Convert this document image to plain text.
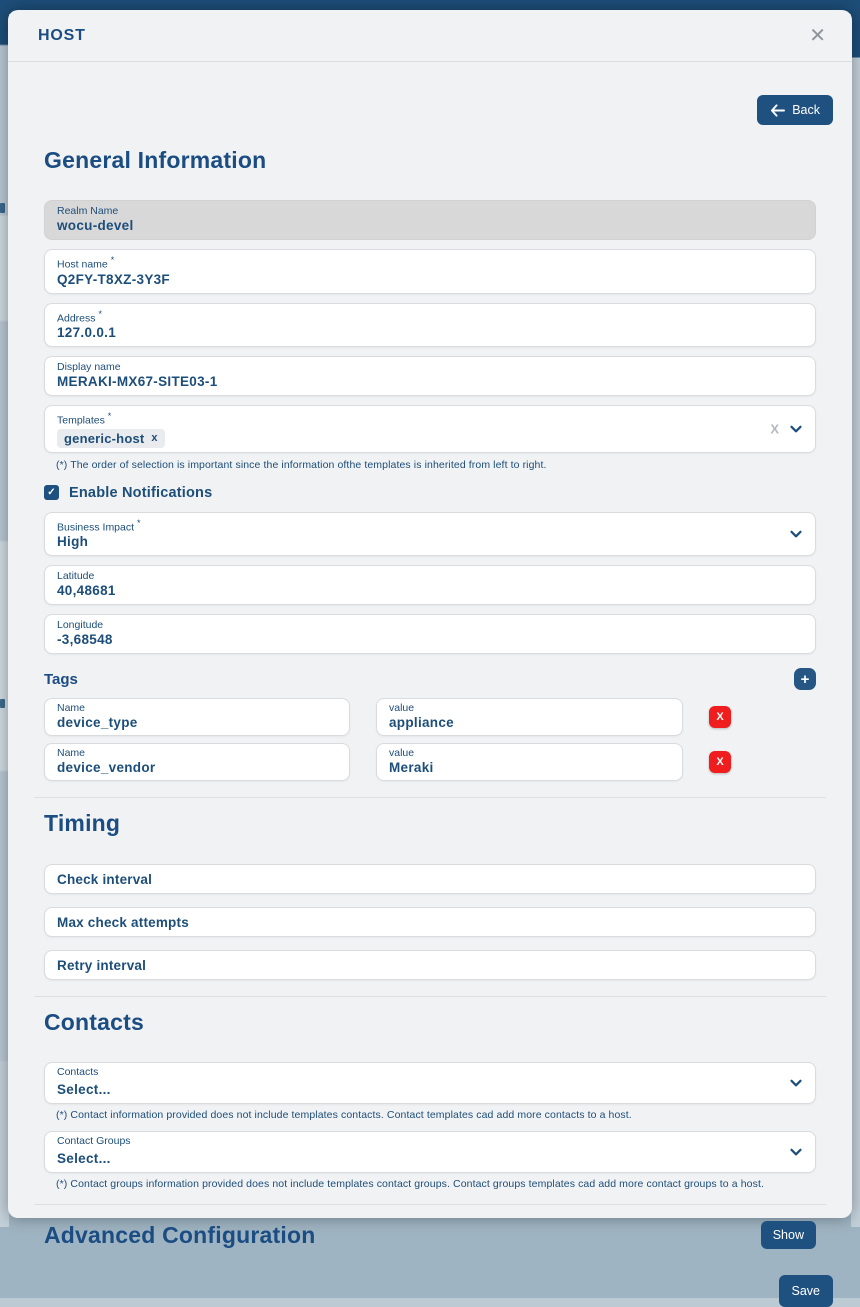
HOST	✕
Back
General Information
Realm Name
wocu-devel
Host name *
Q2FY-T8XZ-3Y3F
Address *
127.0.0.1
Display name
MERAKI-MX67-SITE03-1
Templates *
generic-host x
X
(*) The order of selection is important since the information ofthe templates is inherited from left to right.
✓ Enable Notifications
Business Impact *
High
Latitude
40,48681
Longitude
-3,68548
Tags	+
Name
device_type
value
appliance	X
Name
device_vendor
value
Meraki	X
Timing
Check interval
Max check attempts
Retry interval
Contacts
Contacts
Select...
(*) Contact information provided does not include templates contacts. Contact templates cad add more contacts to a host.
Contact Groups
Select...
(*) Contact groups information provided does not include templates contact groups. Contact groups templates cad add more contact groups to a host.
Advanced Configuration	Show
Save
